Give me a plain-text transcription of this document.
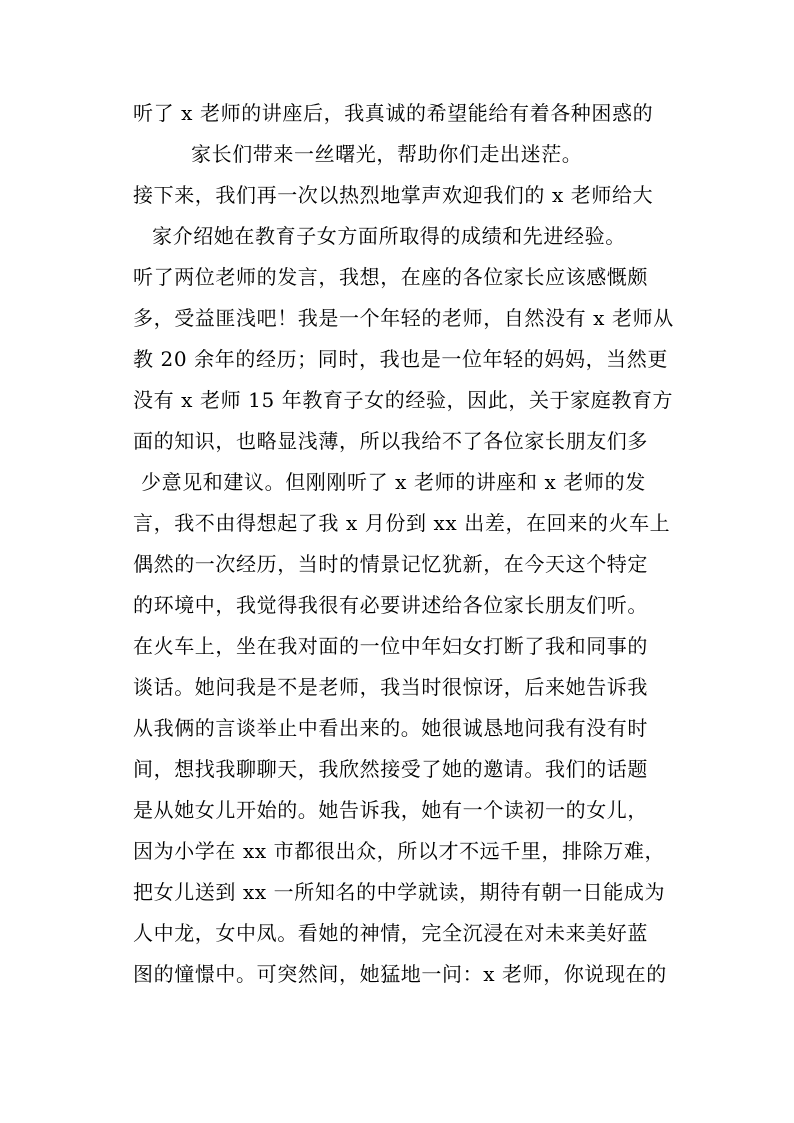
听了 x 老师的讲座后，我真诚的希望能给有着各种困惑的
家长们带来一丝曙光，帮助你们走出迷茫。
接下来，我们再一次以热烈地掌声欢迎我们的 x 老师给大
家介绍她在教育子女方面所取得的成绩和先进经验。
听了两位老师的发言，我想，在座的各位家长应该感慨颇
多，受益匪浅吧！我是一个年轻的老师，自然没有 x 老师从
教 20 余年的经历；同时，我也是一位年轻的妈妈，当然更
没有 x 老师 15 年教育子女的经验，因此，关于家庭教育方
面的知识，也略显浅薄，所以我给不了各位家长朋友们多
少意见和建议。但刚刚听了 x 老师的讲座和 x 老师的发
言，我不由得想起了我 x 月份到 xx 出差，在回来的火车上
偶然的一次经历，当时的情景记忆犹新，在今天这个特定
的环境中，我觉得我很有必要讲述给各位家长朋友们听。
在火车上，坐在我对面的一位中年妇女打断了我和同事的
谈话。她问我是不是老师，我当时很惊讶，后来她告诉我
从我俩的言谈举止中看出来的。她很诚恳地问我有没有时
间，想找我聊聊天，我欣然接受了她的邀请。我们的话题
是从她女儿开始的。她告诉我，她有一个读初一的女儿，
因为小学在 xx 市都很出众，所以才不远千里，排除万难，
把女儿送到 xx 一所知名的中学就读，期待有朝一日能成为
人中龙，女中凤。看她的神情，完全沉浸在对未来美好蓝
图的憧憬中。可突然间，她猛地一问：x 老师，你说现在的
